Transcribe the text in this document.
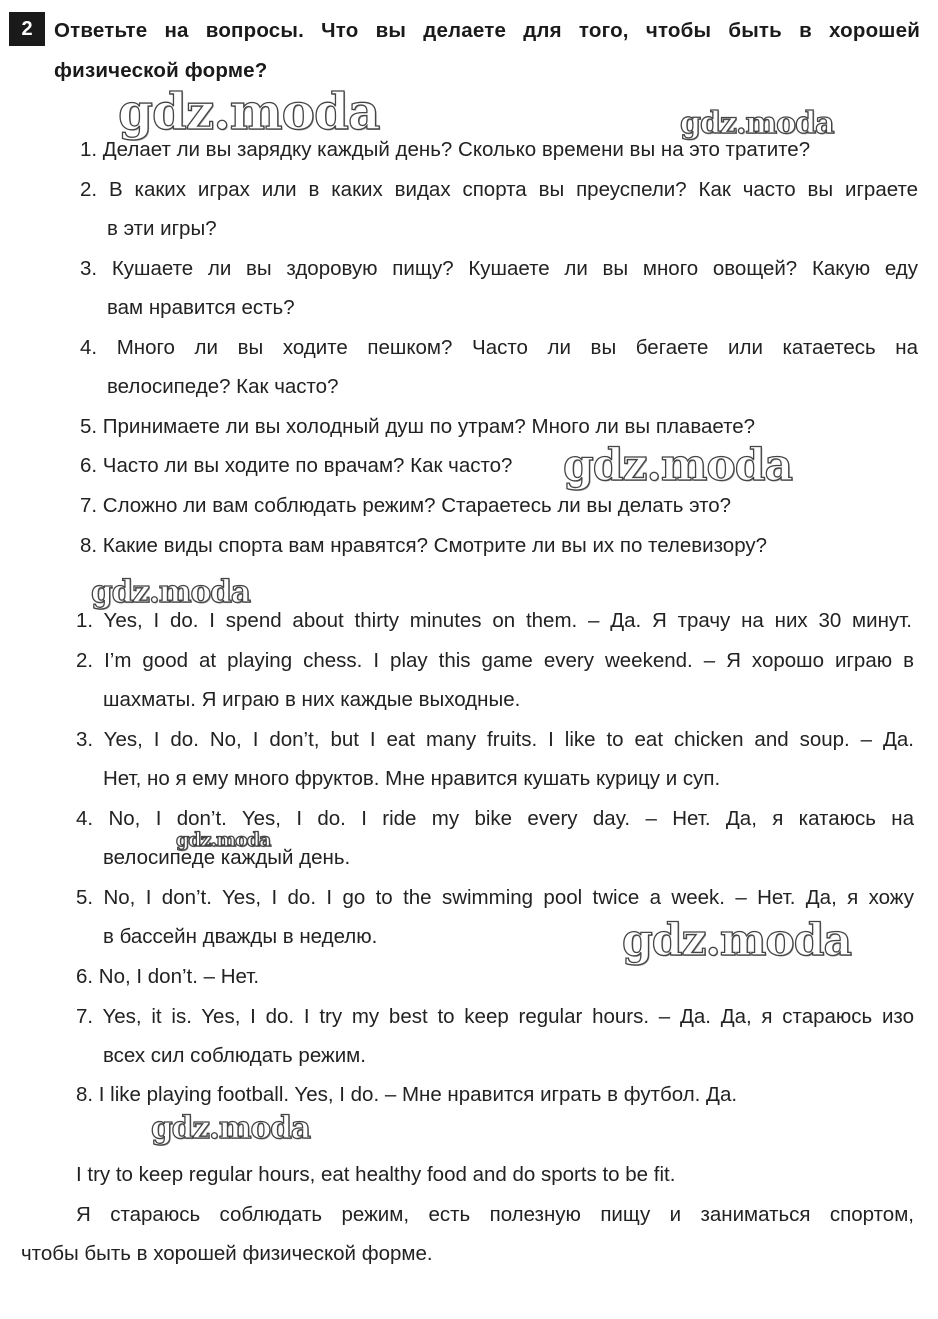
2	Ответьте на вопросы. Что вы делаете для того, чтобы быть в хорошей
физической форме?
1. Делает ли вы зарядку каждый день? Сколько времени вы на это тратите?
2. В каких играх или в каких видах спорта вы преуспели? Как часто вы играете
в эти игры?
3. Кушаете ли вы здоровую пищу? Кушаете ли вы много овощей? Какую еду
вам нравится есть?
4. Много ли вы ходите пешком? Часто ли вы бегаете или катаетесь на
велосипеде? Как часто?
5. Принимаете ли вы холодный душ по утрам? Много ли вы плаваете?
6. Часто ли вы ходите по врачам? Как часто?
7. Сложно ли вам соблюдать режим? Стараетесь ли вы делать это?
8. Какие виды спорта вам нравятся? Смотрите ли вы их по телевизору?
1. Yes, I do. I spend about thirty minutes on them. – Да. Я трачу на них 30 минут.
2. I’m good at playing chess. I play this game every weekend. – Я хорошо играю в
шахматы. Я играю в них каждые выходные.
3. Yes, I do. No, I don’t, but I eat many fruits. I like to eat chicken and soup. – Да.
Нет, но я ему много фруктов. Мне нравится кушать курицу и суп.
4. No, I don’t. Yes, I do. I ride my bike every day. – Нет. Да, я катаюсь на
велосипеде каждый день.
5. No, I don’t. Yes, I do. I go to the swimming pool twice a week. – Нет. Да, я хожу
в бассейн дважды в неделю.
6. No, I don’t. – Нет.
7. Yes, it is. Yes, I do. I try my best to keep regular hours. – Да. Да, я стараюсь изо
всех сил соблюдать режим.
8. I like playing football. Yes, I do. – Мне нравится играть в футбол. Да.
I try to keep regular hours, eat healthy food and do sports to be fit.
Я стараюсь соблюдать режим, есть полезную пищу и заниматься спортом,
чтобы быть в хорошей физической форме.
gdz.moda	gdz.moda
gdz.moda
gdz.moda
gdz.moda
gdz.moda
gdz.moda
